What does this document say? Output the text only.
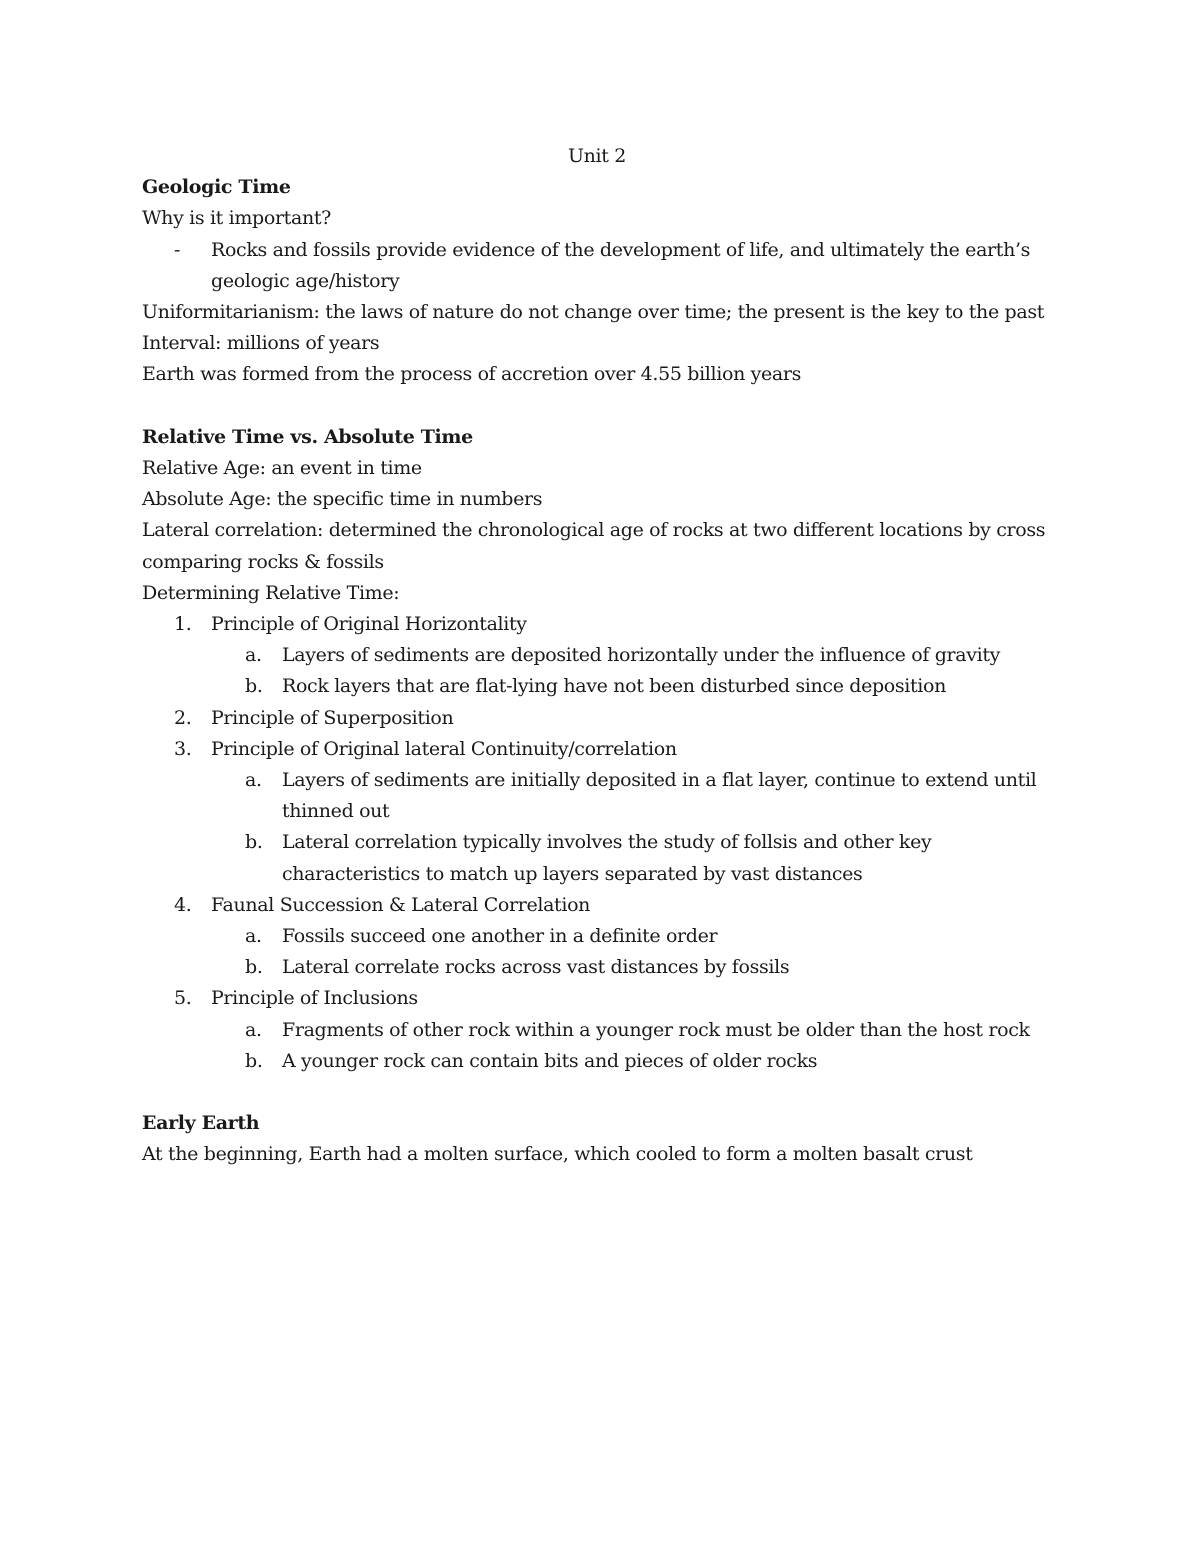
Unit 2
Geologic Time
Why is it important?
-	Rocks and fossils provide evidence of the development of life, and ultimately the earth’s geologic age/history
Uniformitarianism: the laws of nature do not change over time; the present is the key to the past
Interval: millions of years
Earth was formed from the process of accretion over 4.55 billion years
Relative Time vs. Absolute Time
Relative Age: an event in time
Absolute Age: the specific time in numbers
Lateral correlation: determined the chronological age of rocks at two different locations by cross comparing rocks & fossils
Determining Relative Time:
1.	Principle of Original Horizontality
a.	Layers of sediments are deposited horizontally under the influence of gravity
b.	Rock layers that are flat-lying have not been disturbed since deposition
2.	Principle of Superposition
3.	Principle of Original lateral Continuity/correlation
a.	Layers of sediments are initially deposited in a flat layer, continue to extend until thinned out
b.	Lateral correlation typically involves the study of follsis and other key characteristics to match up layers separated by vast distances
4.	Faunal Succession & Lateral Correlation
a.	Fossils succeed one another in a definite order
b.	Lateral correlate rocks across vast distances by fossils
5.	Principle of Inclusions
a.	Fragments of other rock within a younger rock must be older than the host rock
b.	A younger rock can contain bits and pieces of older rocks
Early Earth
At the beginning, Earth had a molten surface, which cooled to form a molten basalt crust
